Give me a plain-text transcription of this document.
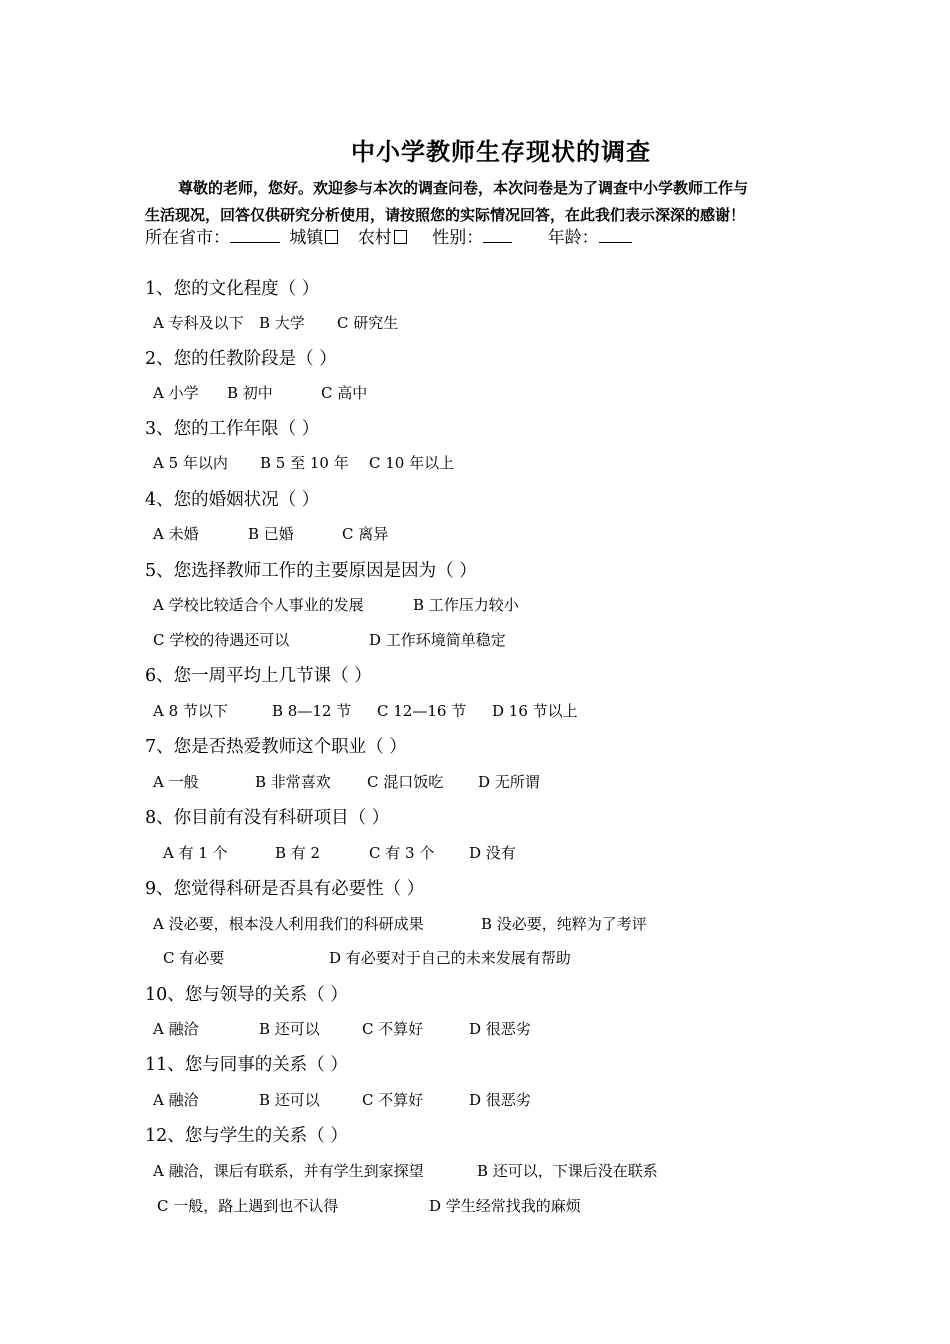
中小学教师生存现状的调查
尊敬的老师，您好。欢迎参与本次的调查问卷，本次问卷是为了调查中小学教师工作与
生活现况，回答仅供研究分析使用，请按照您的实际情况回答，在此我们表示深深的感谢！
所在省市：	城镇 农村 性别：	年龄：
1、您的文化程度（ ）
A 专科及以下 B 大学 C 研究生
2、您的任教阶段是（ ）
A 小学 B 初中	C 高中
3、您的工作年限（ ）
A 5 年以内 B 5 至 10 年 C 10 年以上
4、您的婚姻状况（ ）
A 未婚	B 已婚	C 离异
5、您选择教师工作的主要原因是因为（ ）
A 学校比较适合个人事业的发展	B 工作压力较小
C 学校的待遇还可以	D 工作环境简单稳定
6、您一周平均上几节课（ ）
A 8 节以下	B 8—12 节 C 12—16 节 D 16 节以上
7、您是否热爱教师这个职业（ ）
A 一般	B 非常喜欢 C 混口饭吃 D 无所谓
8、你目前有没有科研项目（ ）
A 有 1 个	B 有 2	C 有 3 个 D 没有
9、您觉得科研是否具有必要性（ ）
A 没必要，根本没人利用我们的科研成果	B 没必要，纯粹为了考评
C 有必要	D 有必要对于自己的未来发展有帮助
10、您与领导的关系（ ）
A 融洽	B 还可以	C 不算好	D 很恶劣
11、您与同事的关系（ ）
A 融洽	B 还可以	C 不算好	D 很恶劣
12、您与学生的关系（ ）
A 融洽，课后有联系，并有学生到家探望	B 还可以，下课后没在联系
C 一般，路上遇到也不认得	D 学生经常找我的麻烦
